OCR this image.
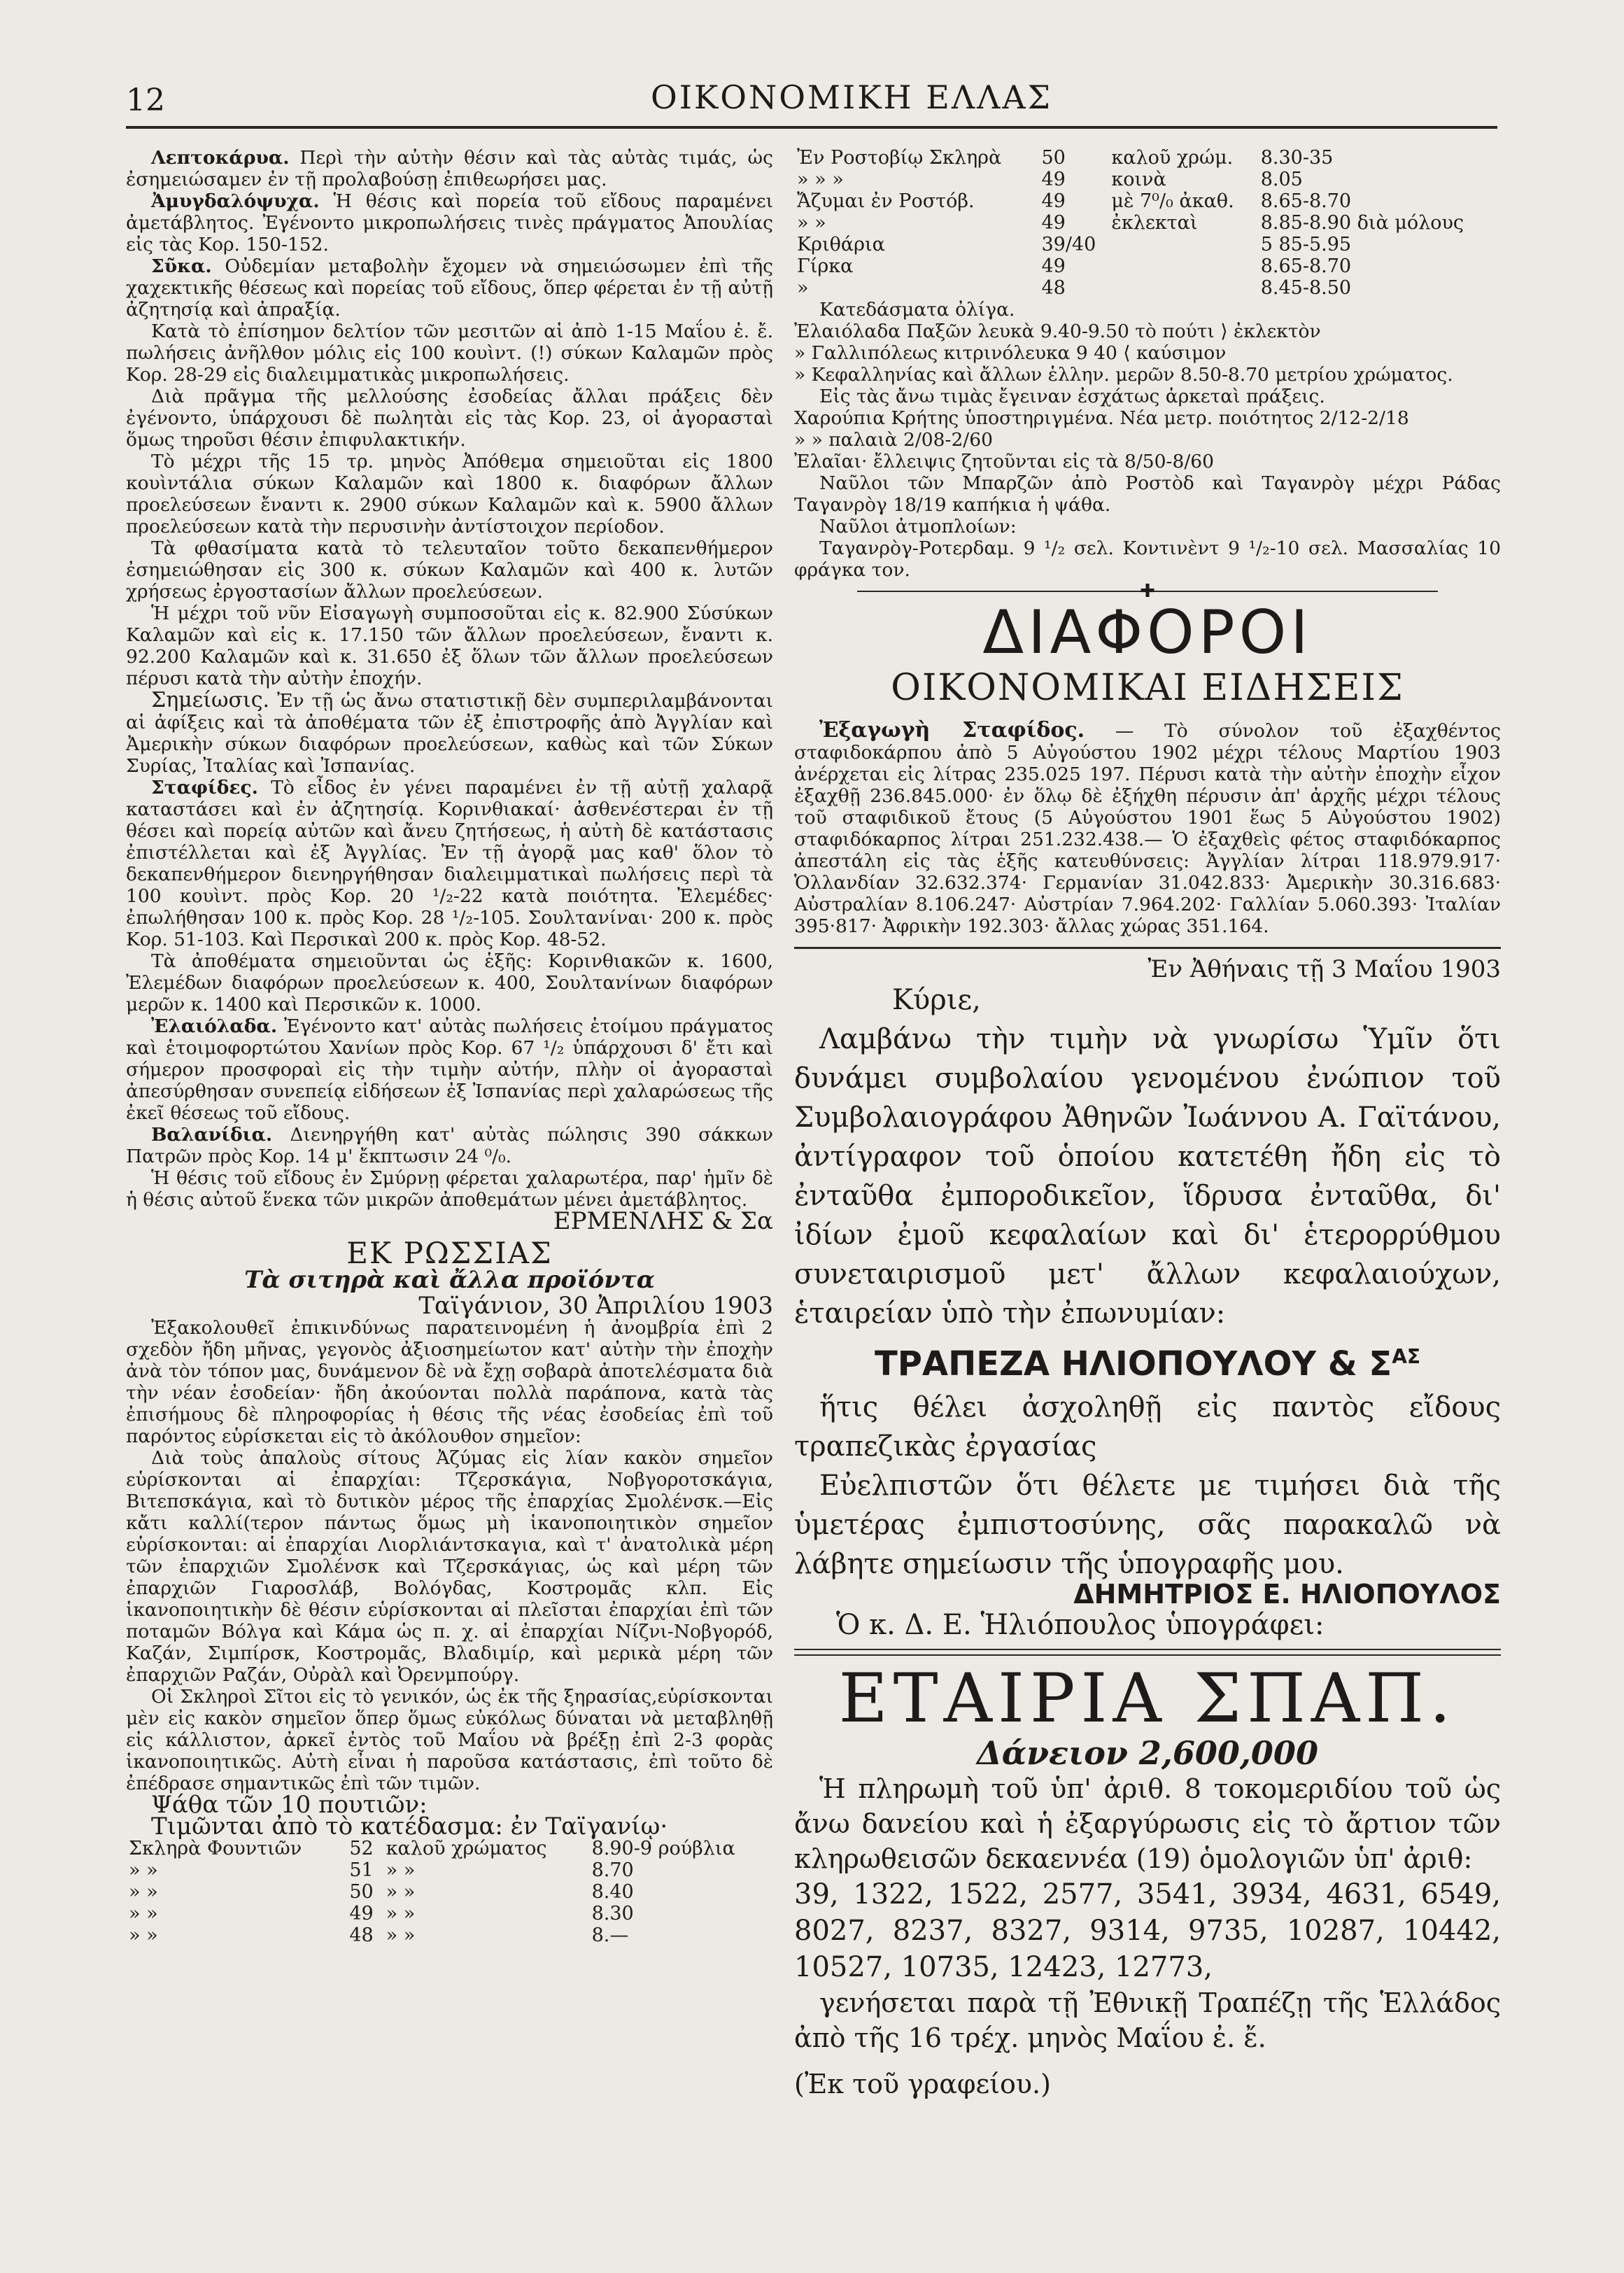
12	ΟΙΚΟΝΟΜΙΚΗ ΕΛΛΑΣ

Λεπτοκάρυα. Περὶ τὴν αὐτὴν θέσιν καὶ τὰς αὐτὰς τιμάς, ὡς ἐσημειώσαμεν ἐν τῇ προλαβούσῃ ἐπιθεωρήσει μας.

Ἀμυγδαλόψυχα. Ἡ θέσις καὶ πορεία τοῦ εἴδους παραμένει ἀμετάβλητος. Ἐγένοντο μικροπωλήσεις τινὲς πράγματος Ἀπουλίας εἰς τὰς Κορ. 150-152.

Σῦκα. Οὐδεμίαν μεταβολὴν ἔχομεν νὰ σημειώσωμεν ἐπὶ τῆς χαχεκτικῆς θέσεως καὶ πορείας τοῦ εἴδους, ὅπερ φέρεται ἐν τῇ αὐτῇ ἀζητησίᾳ καὶ ἀπραξίᾳ.

Κατὰ τὸ ἐπίσημον δελτίον τῶν μεσιτῶν αἱ ἀπὸ 1-15 Μαΐου ἐ. ἔ. πωλήσεις ἀνῆλθον μόλις εἰς 100 κουὶντ. (!) σύκων Καλαμῶν πρὸς Κορ. 28-29 εἰς διαλειμματικὰς μικροπωλήσεις.

Διὰ πρᾶγμα τῆς μελλούσης ἐσοδείας ἄλλαι πράξεις δὲν ἐγένοντο, ὑπάρχουσι δὲ πωλητὰι εἰς τὰς Κορ. 23, οἱ ἀγορασταὶ ὅμως τηροῦσι θέσιν ἐπιφυλακτικήν.

Τὸ μέχρι τῆς 15 τρ. μηνὸς Ἀπόθεμα σημειοῦται εἰς 1800 κουὶντάλια σύκων Καλαμῶν καὶ 1800 κ. διαφόρων ἄλλων προελεύσεων ἔναντι κ. 2900 σύκων Καλαμῶν καὶ κ. 5900 ἄλλων προελεύσεων κατὰ τὴν περυσινὴν ἀντίστοιχον περίοδον.

Τὰ φθασίματα κατὰ τὸ τελευταῖον τοῦτο δεκαπενθήμερον ἐσημειώθησαν εἰς 300 κ. σύκων Καλαμῶν καὶ 400 κ. λυτῶν χρήσεως ἐργοστασίων ἄλλων προελεύσεων.

Ἡ μέχρι τοῦ νῦν Εἰσαγωγὴ συμποσοῦται εἰς κ. 82.900 Σύσύκων Καλαμῶν καὶ εἰς κ. 17.150 τῶν ἄλλων προελεύσεων, ἔναντι κ. 92.200 Καλαμῶν καὶ κ. 31.650 ἐξ ὅλων τῶν ἄλλων προελεύσεων πέρυσι κατὰ τὴν αὐτὴν ἐποχήν.

Σημείωσις. Ἐν τῇ ὡς ἄνω στατιστικῇ δὲν συμπεριλαμβάνονται αἱ ἀφίξεις καὶ τὰ ἀποθέματα τῶν ἐξ ἐπιστροφῆς ἀπὸ Ἀγγλίαν καὶ Ἀμερικὴν σύκων διαφόρων προελεύσεων, καθὼς καὶ τῶν Σύκων Συρίας, Ἰταλίας καὶ Ἰσπανίας.

Σταφίδες. Τὸ εἶδος ἐν γένει παραμένει ἐν τῇ αὐτῇ χαλαρᾷ καταστάσει καὶ ἐν ἀζητησίᾳ. Κορινθιακαί· ἀσθενέστεραι ἐν τῇ θέσει καὶ πορείᾳ αὐτῶν καὶ ἄνευ ζητήσεως, ἡ αὐτὴ δὲ κατάστασις ἐπιστέλλεται καὶ ἐξ Ἀγγλίας. Ἐν τῇ ἀγορᾷ μας καθ' ὅλον τὸ δεκαπενθήμερον διενηργήθησαν διαλειμματικαὶ πωλήσεις περὶ τὰ 100 κουὶντ. πρὸς Κορ. 20 ¹/₂-22 κατὰ ποιότητα. Ἐλεμέδες· ἐπωλήθησαν 100 κ. πρὸς Κορ. 28 ¹/₂-105. Σουλτανίναι· 200 κ. πρὸς Κορ. 51-103. Καὶ Περσικαὶ 200 κ. πρὸς Κορ. 48-52.

Τὰ ἀποθέματα σημειοῦνται ὡς ἑξῆς: Κορινθιακῶν κ. 1600, Ἐλεμέδων διαφόρων προελεύσεων κ. 400, Σουλτανίνων διαφόρων μερῶν κ. 1400 καὶ Περσικῶν κ. 1000.

Ἐλαιόλαδα. Ἐγένοντο κατ' αὐτὰς πωλήσεις ἑτοίμου πράγματος καὶ ἑτοιμοφορτώτου Χανίων πρὸς Κορ. 67 ¹/₂ ὑπάρχουσι δ' ἔτι καὶ σήμερον προσφοραὶ εἰς τὴν τιμὴν αὐτήν, πλὴν οἱ ἀγορασταὶ ἀπεσύρθησαν συνεπείᾳ εἰδήσεων ἐξ Ἰσπανίας περὶ χαλαρώσεως τῆς ἐκεῖ θέσεως τοῦ εἴδους.

Βαλανίδια. Διενηργήθη κατ' αὐτὰς πώλησις 390 σάκκων Πατρῶν πρὸς Κορ. 14 μ' ἔκπτωσιν 24 ⁰/₀.

Ἡ θέσις τοῦ εἴδους ἐν Σμύρνῃ φέρεται χαλαρωτέρα, παρ' ἡμῖν δὲ ἡ θέσις αὐτοῦ ἕνεκα τῶν μικρῶν ἀποθεμάτων μένει ἀμετάβλητος.

ΕΡΜΕΝΛΗΣ & Σα

ΕΚ ΡΩΣΣΙΑΣ
Τὰ σιτηρὰ καὶ ἄλλα προϊόντα

Ταϊγάνιον, 30 Ἀπριλίου 1903

Ἐξακολουθεῖ ἐπικινδύνως παρατεινομένη ἡ ἀνομβρία ἐπὶ 2 σχεδὸν ἤδη μῆνας, γεγονὸς ἀξιοσημείωτον κατ' αὐτὴν τὴν ἐποχὴν ἀνὰ τὸν τόπον μας, δυνάμενον δὲ νὰ ἔχῃ σοβαρὰ ἀποτελέσματα διὰ τὴν νέαν ἐσοδείαν· ἤδη ἀκούονται πολλὰ παράπονα, κατὰ τὰς ἐπισήμους δὲ πληροφορίας ἡ θέσις τῆς νέας ἐσοδείας ἐπὶ τοῦ παρόντος εὑρίσκεται εἰς τὸ ἀκόλουθον σημεῖον:

Διὰ τοὺς ἀπαλοὺς σίτους Ἀζύμας εἰς λίαν κακὸν σημεῖον εὑρίσκονται αἱ ἐπαρχίαι: Τζερσκάγια, Νοβγοροτσκάγια, Βιτεπσκάγια, καὶ τὸ δυτικὸν μέρος τῆς ἐπαρχίας Σμολένσκ.—Εἰς κἄτι καλλί(τερον πάντως ὅμως μὴ ἱκανοποιητικὸν σημεῖον εὑρίσκονται: αἱ ἐπαρχίαι Λιορλιάντσκαγια, καὶ τ' ἀνατολικὰ μέρη τῶν ἐπαρχιῶν Σμολένσκ καὶ Τζερσκάγιας, ὡς καὶ μέρη τῶν ἐπαρχιῶν Γιαροσλάβ, Βολόγδας, Κοστρομᾶς κλπ. Εἰς ἱκανοποιητικὴν δὲ θέσιν εὑρίσκονται αἱ πλεῖσται ἐπαρχίαι ἐπὶ τῶν ποταμῶν Βόλγα καὶ Κάμα ὡς π. χ. αἱ ἐπαρχίαι Νίζνι-Νοβγορόδ, Καζάν, Σιμπίρσκ, Κοστρομᾶς, Βλαδιμίρ, καὶ μερικὰ μέρη τῶν ἐπαρχιῶν Ραζάν, Οὐρὰλ καὶ Ὀρενμπούργ.

Οἱ Σκληροὶ Σῖτοι εἰς τὸ γενικόν, ὡς ἐκ τῆς ξηρασίας,εὑρίσκονται μὲν εἰς κακὸν σημεῖον ὅπερ ὅμως εὐκόλως δύναται νὰ μεταβληθῇ εἰς κάλλιστον, ἀρκεῖ ἐντὸς τοῦ Μαΐου νὰ βρέξῃ ἐπὶ 2-3 φορὰς ἱκανοποιητικῶς. Αὐτὴ εἶναι ἡ παροῦσα κατάστασις, ἐπὶ τοῦτο δὲ ἐπέδρασε σημαντικῶς ἐπὶ τῶν τιμῶν.

Ψάθα τῶν 10 πουτιῶν:

Τιμῶνται ἀπὸ τὸ κατέδασμα: ἐν Ταϊγανίῳ·

Σκληρὰ Φουντιῶν	52	καλοῦ χρώματος	8.90-9 ρούβλια
» »	51	» »	8.70
» »	50	» »	8.40
» »	49	» »	8.30
» »	48	» »	8.—
Ἐν Ροστοβίῳ Σκληρὰ	50	καλοῦ χρώμ.	8.30-35
» » »	49	κοινὰ	8.05
Ἄζυμαι ἐν Ροστόβ.	49	μὲ 7⁰/₀ ἀκαθ.	8.65-8.70
» »	49	ἐκλεκταὶ	8.85-8.90 διὰ μόλους
Κριθάρια	39/40		5 85-5.95
Γίρκα	49		8.65-8.70
»	48		8.45-8.50

Κατεδάσματα ὀλίγα.

Ἐλαιόλαδα Παξῶν λευκὰ 9.40-9.50 τὸ πούτι ⟩ ἐκλεκτὸν

» Γαλλιπόλεως κιτρινόλευκα 9 40 ⟨ καύσιμον

» Κεφαλληνίας καὶ ἄλλων ἑλλην. μερῶν 8.50-8.70 μετρίου χρώματος.

Εἰς τὰς ἄνω τιμὰς ἔγειναν ἐσχάτως ἀρκεταὶ πράξεις.

Χαρούπια Κρήτης ὑποστηριγμένα. Νέα μετρ. ποιότητος 2/12-2/18

» » παλαιὰ 2/08-2/60

Ἐλαῖαι· ἔλλειψις ζητοῦνται εἰς τὰ 8/50-8/60

Ναῦλοι τῶν Μπαρζῶν ἀπὸ Ροστὸδ καὶ Ταγανρὸγ μέχρι Ράδας Ταγανρὸγ 18/19 καπήκια ἡ ψάθα.

Ναῦλοι ἀτμοπλοίων:

Ταγανρὸγ-Ροτερδαμ. 9 ¹/₂ σελ. Κοντινὲντ 9 ¹/₂-10 σελ. Μασσαλίας 10 φράγκα τον.

✚
ΔΙΑΦΟΡΟΙ
ΟΙΚΟΝΟΜΙΚΑΙ ΕΙΔΗΣΕΙΣ

Ἐξαγωγὴ Σταφίδος. — Τὸ σύνολον τοῦ ἐξαχθέντος σταφιδοκάρπου ἀπὸ 5 Αὐγούστου 1902 μέχρι τέλους Μαρτίου 1903 ἀνέρχεται εἰς λίτρας 235.025 197. Πέρυσι κατὰ τὴν αὐτὴν ἐποχὴν εἶχον ἐξαχθῇ 236.845.000· ἐν ὅλῳ δὲ ἐξήχθη πέρυσιν ἀπ' ἀρχῆς μέχρι τέλους τοῦ σταφιδικοῦ ἔτους (5 Αὐγούστου 1901 ἕως 5 Αὐγούστου 1902) σταφιδόκαρπος λίτραι 251.232.438.— Ὁ ἐξαχθεὶς φέτος σταφιδόκαρπος ἀπεστάλη εἰς τὰς ἑξῆς κατευθύνσεις: Ἀγγλίαν λίτραι 118.979.917· Ὁλλανδίαν 32.632.374· Γερμανίαν 31.042.833· Ἀμερικὴν 30.316.683· Αὐστραλίαν 8.106.247· Αὐστρίαν 7.964.202· Γαλλίαν 5.060.393· Ἰταλίαν 395·817· Ἀφρικὴν 192.303· ἄλλας χώρας 351.164.

Ἐν Ἀθήναις τῇ 3 Μαΐου 1903

Κύριε,

Λαμβάνω τὴν τιμὴν νὰ γνωρίσω Ὑμῖν ὅτι δυνάμει συμβολαίου γενομένου ἐνώπιον τοῦ Συμβολαιογράφου Ἀθηνῶν Ἰωάννου Α. Γαϊτάνου, ἀντίγραφον τοῦ ὁποίου κατετέθη ἤδη εἰς τὸ ἐνταῦθα ἐμποροδικεῖον, ἵδρυσα ἐνταῦθα, δι' ἰδίων ἐμοῦ κεφαλαίων καὶ δι' ἑτερορρύθμου συνεταιρισμοῦ μετ' ἄλλων κεφαλαιούχων, ἑταιρείαν ὑπὸ τὴν ἐπωνυμίαν:

ΤΡΑΠΕΖΑ ΗΛΙΟΠΟΥΛΟΥ & $\Sigma^{A\Sigma}$

ἥτις θέλει ἀσχοληθῇ εἰς παντὸς εἴδους τραπεζικὰς ἐργασίας

Εὐελπιστῶν ὅτι θέλετε με τιμήσει διὰ τῆς ὑμετέρας ἐμπιστοσύνης, σᾶς παρακαλῶ νὰ λάβητε σημείωσιν τῆς ὑπογραφῆς μου.

ΔΗΜΗΤΡΙΟΣ Ε. ΗΛΙΟΠΟΥΛΟΣ

Ὁ κ. Δ. Ε. Ἡλιόπουλος ὑπογράφει:

ΕΤΑΙΡΙΑ ΣΠΑΠ.
Δάνειον 2,600,000

Ἡ πληρωμὴ τοῦ ὑπ' ἀριθ. 8 τοκομεριδίου τοῦ ὡς ἄνω δανείου καὶ ἡ ἐξαργύρωσις εἰς τὸ ἄρτιον τῶν κληρωθεισῶν δεκαεννέα (19) ὁμολογιῶν ὑπ' ἀριθ:

39, 1322, 1522, 2577, 3541, 3934, 4631, 6549, 8027, 8237, 8327, 9314, 9735, 10287, 10442, 10527, 10735, 12423, 12773,

γενήσεται παρὰ τῇ Ἐθνικῇ Τραπέζῃ τῆς Ἑλλάδος ἀπὸ τῆς 16 τρέχ. μηνὸς Μαΐου ἐ. ἔ.

(Ἐκ τοῦ γραφείου.)
